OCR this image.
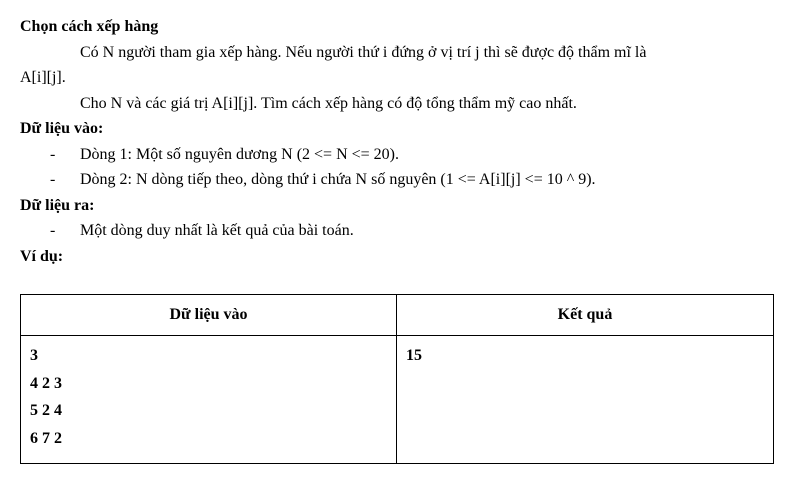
Chọn cách xếp hàng
Có N người tham gia xếp hàng. Nếu người thứ i đứng ở vị trí j thì sẽ được độ thẩm mĩ là
A[i][j].
Cho N và các giá trị A[i][j]. Tìm cách xếp hàng có độ tổng thẩm mỹ cao nhất.
Dữ liệu vào:
- Dòng 1: Một số nguyên dương N (2 <= N <= 20).
- Dòng 2: N dòng tiếp theo, dòng thứ i chứa N số nguyên (1 <= A[i][j] <= 10 ^ 9).
Dữ liệu ra:
- Một dòng duy nhất là kết quả của bài toán.
Ví dụ:
Dữ liệu vào	Kết quả

3
4 2 3
5 2 4
6 7 2	15
